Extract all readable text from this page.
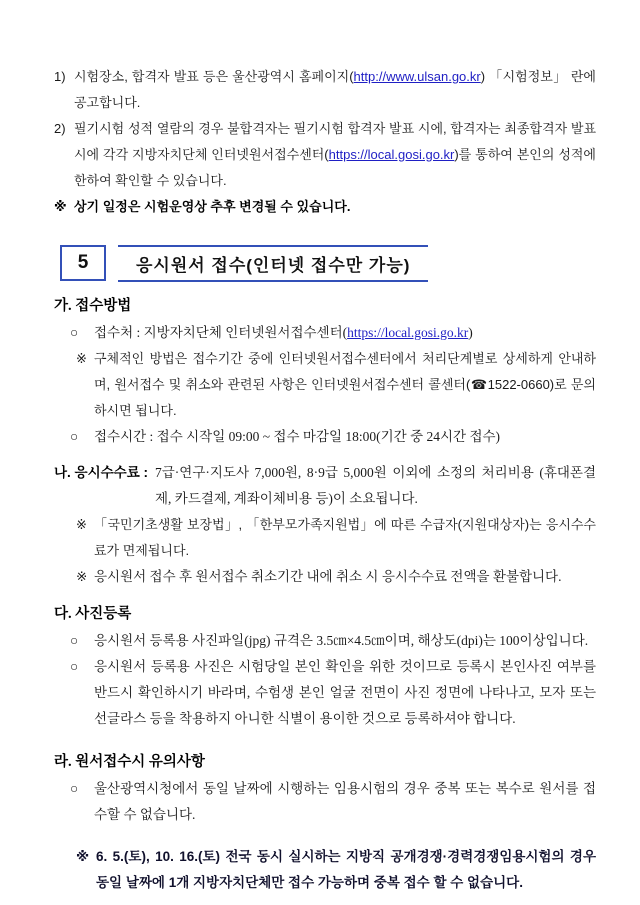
1) 시험장소, 합격자 발표 등은 울산광역시 홈페이지(http://www.ulsan.go.kr) 「시험정보」 란에 공고합니다.
2) 필기시험 성적 열람의 경우 불합격자는 필기시험 합격자 발표 시에, 합격자는 최종합격자 발표 시에 각각 지방자치단체 인터넷원서접수센터(https://local.gosi.go.kr)를 통하여 본인의 성적에 한하여 확인할 수 있습니다.
※ 상기 일정은 시험운영상 추후 변경될 수 있습니다.
5	응시원서 접수(인터넷 접수만 가능)
가. 접수방법
○	접수처 : 지방자치단체 인터넷원서접수센터(https://local.gosi.go.kr)
※ 구체적인 방법은 접수기간 중에 인터넷원서접수센터에서 처리단계별로 상세하게 안내하며, 원서접수 및 취소와 관련된 사항은 인터넷원서접수센터 콜센터(☎1522-0660)로 문의하시면 됩니다.
○	접수시간 : 접수 시작일 09:00 ~ 접수 마감일 18:00(기간 중 24시간 접수)
나. 응시수수료 : 7급·연구·지도사 7,000원, 8·9급 5,000원 이외에 소정의 처리비용 (휴대폰결제, 카드결제, 계좌이체비용 등)이 소요됩니다.
※ 「국민기초생활 보장법」, 「한부모가족지원법」에 따른 수급자(지원대상자)는 응시수수료가 면제됩니다.
※ 응시원서 접수 후 원서접수 취소기간 내에 취소 시 응시수수료 전액을 환불합니다.
다. 사진등록
○	응시원서 등록용 사진파일(jpg) 규격은 3.5㎝×4.5㎝이며, 해상도(dpi)는 100이상입니다.
○	응시원서 등록용 사진은 시험당일 본인 확인을 위한 것이므로 등록시 본인사진 여부를 반드시 확인하시기 바라며, 수험생 본인 얼굴 전면이 사진 정면에 나타나고, 모자 또는 선글라스 등을 착용하지 아니한 식별이 용이한 것으로 등록하셔야 합니다.
라. 원서접수시 유의사항
○	울산광역시청에서 동일 날짜에 시행하는 임용시험의 경우 중복 또는 복수로 원서를 접수할 수 없습니다.
※ 6. 5.(토), 10. 16.(토) 전국 동시 실시하는 지방직 공개경쟁·경력경쟁임용시험의 경우 동일 날짜에 1개 지방자치단체만 접수 가능하며 중복 접수 할 수 없습니다.
